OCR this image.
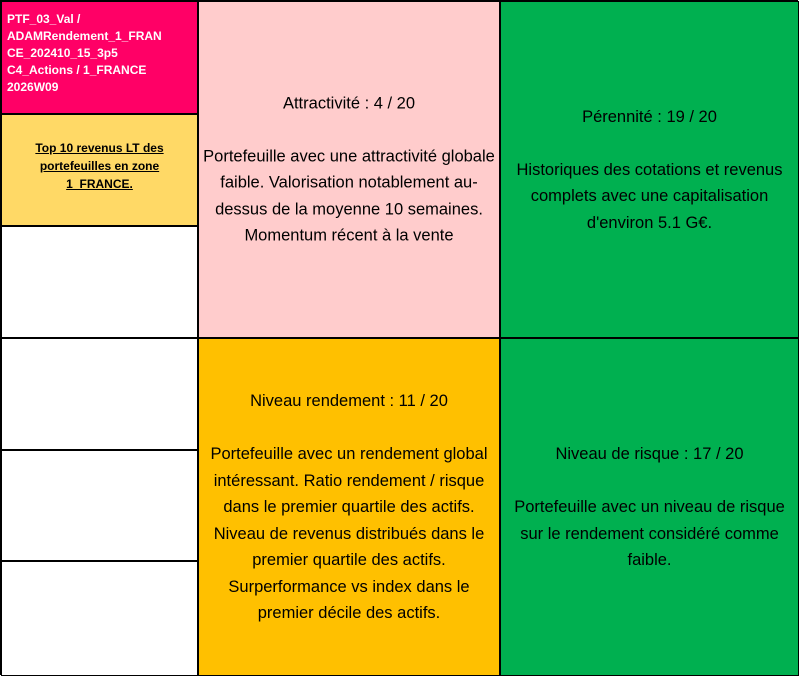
PTF_03_Val /
ADAMRendement_1_FRAN
CE_202410_15_3p5
C4_Actions / 1_FRANCE
2026W09
Top 10 revenus LT des portefeuilles en zone 1_FRANCE.
Attractivité : 4 / 20
Portefeuille avec une attractivité globale faible. Valorisation notablement au-dessus de la moyenne 10 semaines. Momentum récent à la vente
Pérennité : 19 / 20
Historiques des cotations et revenus complets avec une capitalisation d'environ 5.1 G€.
Niveau rendement : 11 / 20
Portefeuille avec un rendement global intéressant. Ratio rendement / risque dans le premier quartile des actifs. Niveau de revenus distribués dans le premier quartile des actifs. Surperformance vs index dans le premier décile des actifs.
Niveau de risque : 17 / 20
Portefeuille avec un niveau de risque sur le rendement considéré comme faible.
